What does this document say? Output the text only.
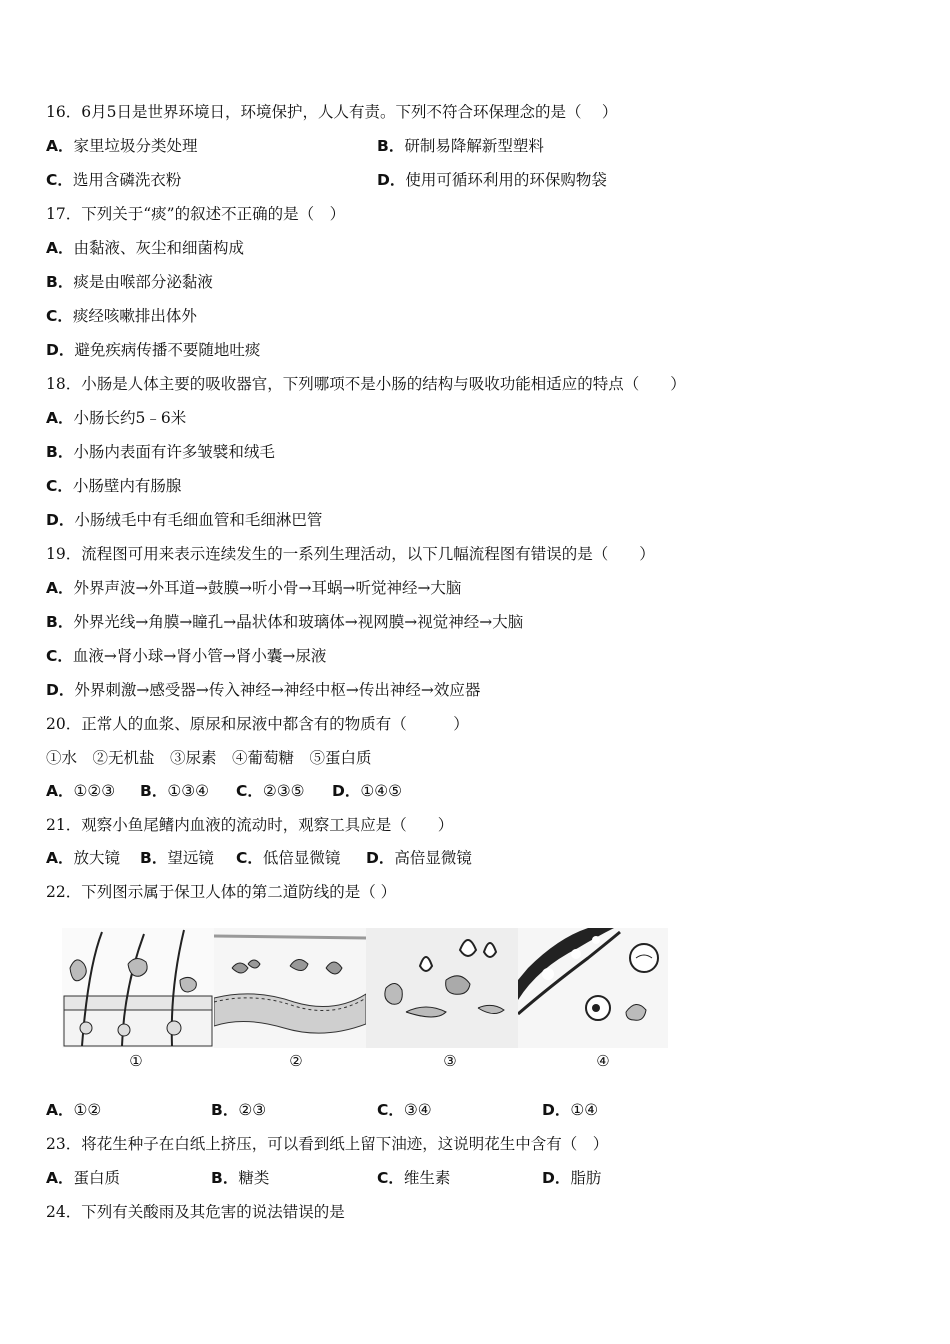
16．6月5日是世界环境日，环境保护，人人有责。下列不符合环保理念的是（　 ）
A．家里垃圾分类处理	B．研制易降解新型塑料
C．选用含磷洗衣粉	D．使用可循环利用的环保购物袋
17．下列关于“痰”的叙述不正确的是（　）
A．由黏液、灰尘和细菌构成
B．痰是由喉部分泌黏液
C．痰经咳嗽排出体外
D．避免疾病传播不要随地吐痰
18．小肠是人体主要的吸收器官，下列哪项不是小肠的结构与吸收功能相适应的特点（　　）
A．小肠长约5﹣6米
B．小肠内表面有许多皱襞和绒毛
C．小肠壁内有肠腺
D．小肠绒毛中有毛细血管和毛细淋巴管
19．流程图可用来表示连续发生的一系列生理活动，以下几幅流程图有错误的是（　　）
A．外界声波→外耳道→鼓膜→听小骨→耳蜗→听觉神经→大脑
B．外界光线→角膜→瞳孔→晶状体和玻璃体→视网膜→视觉神经→大脑
C．血液→肾小球→肾小管→肾小囊→尿液
D．外界刺激→感受器→传入神经→神经中枢→传出神经→效应器
20．正常人的血浆、原尿和尿液中都含有的物质有（　　　）
①水　②无机盐　③尿素　④葡萄糖　⑤蛋白质
A．①②③ B．①③④ C．②③⑤ D．①④⑤
21．观察小鱼尾鳍内血液的流动时，观察工具应是（　　）
A．放大镜 B．望远镜 C．低倍显微镜 D．高倍显微镜
22．下列图示属于保卫人体的第二道防线的是（ ）
①	②	③	④
A．①②	B．②③	C．③④	D．①④
23．将花生种子在白纸上挤压，可以看到纸上留下油迹，这说明花生中含有（　）
A．蛋白质	B．糖类	C．维生素	D．脂肪
24．下列有关酸雨及其危害的说法错误的是
